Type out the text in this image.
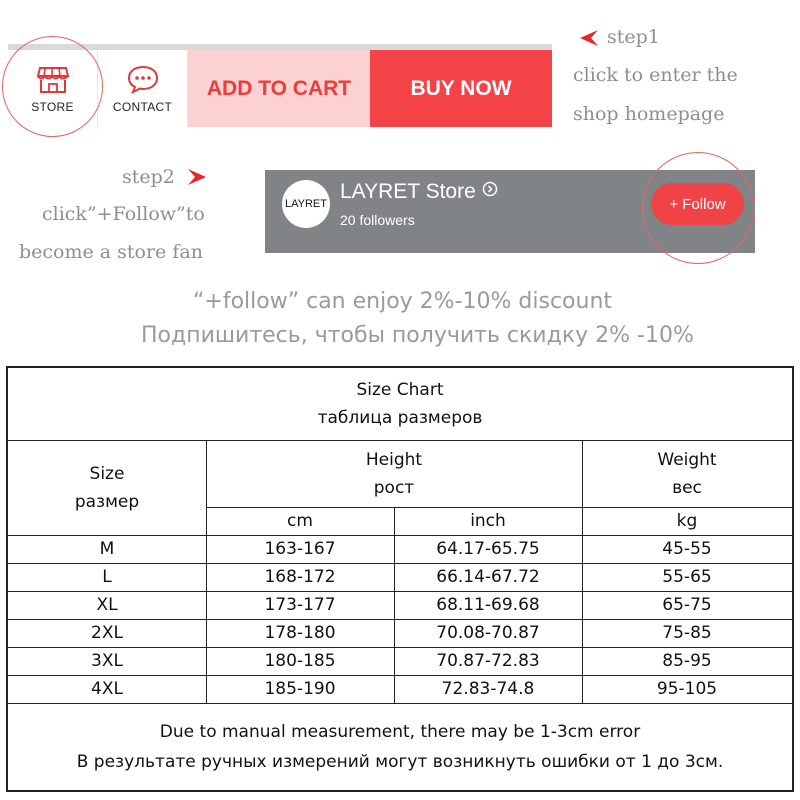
STORE	CONTACT
ADD TO CART	BUY NOW
step1
click to enter the
shop homepage
step2
click”+Follow”to
become a store fan
LAYRET
LAYRET Store
20 followers
+ Follow
“+follow” can enjoy 2%-10% discount
Подпишитесь, чтобы получить скидку 2% -10%
Size Chart
таблица размеров
Size
размер
Height
рост
Weight
вес
cm	inch	kg
M	163-167	64.17-65.75	45-55
L	168-172	66.14-67.72	55-65
XL	173-177	68.11-69.68	65-75
2XL	178-180	70.08-70.87	75-85
3XL	180-185	70.87-72.83	85-95
4XL	185-190	72.83-74.8	95-105
Due to manual measurement, there may be 1-3cm error
В результате ручных измерений могут возникнуть ошибки от 1 до 3см.
